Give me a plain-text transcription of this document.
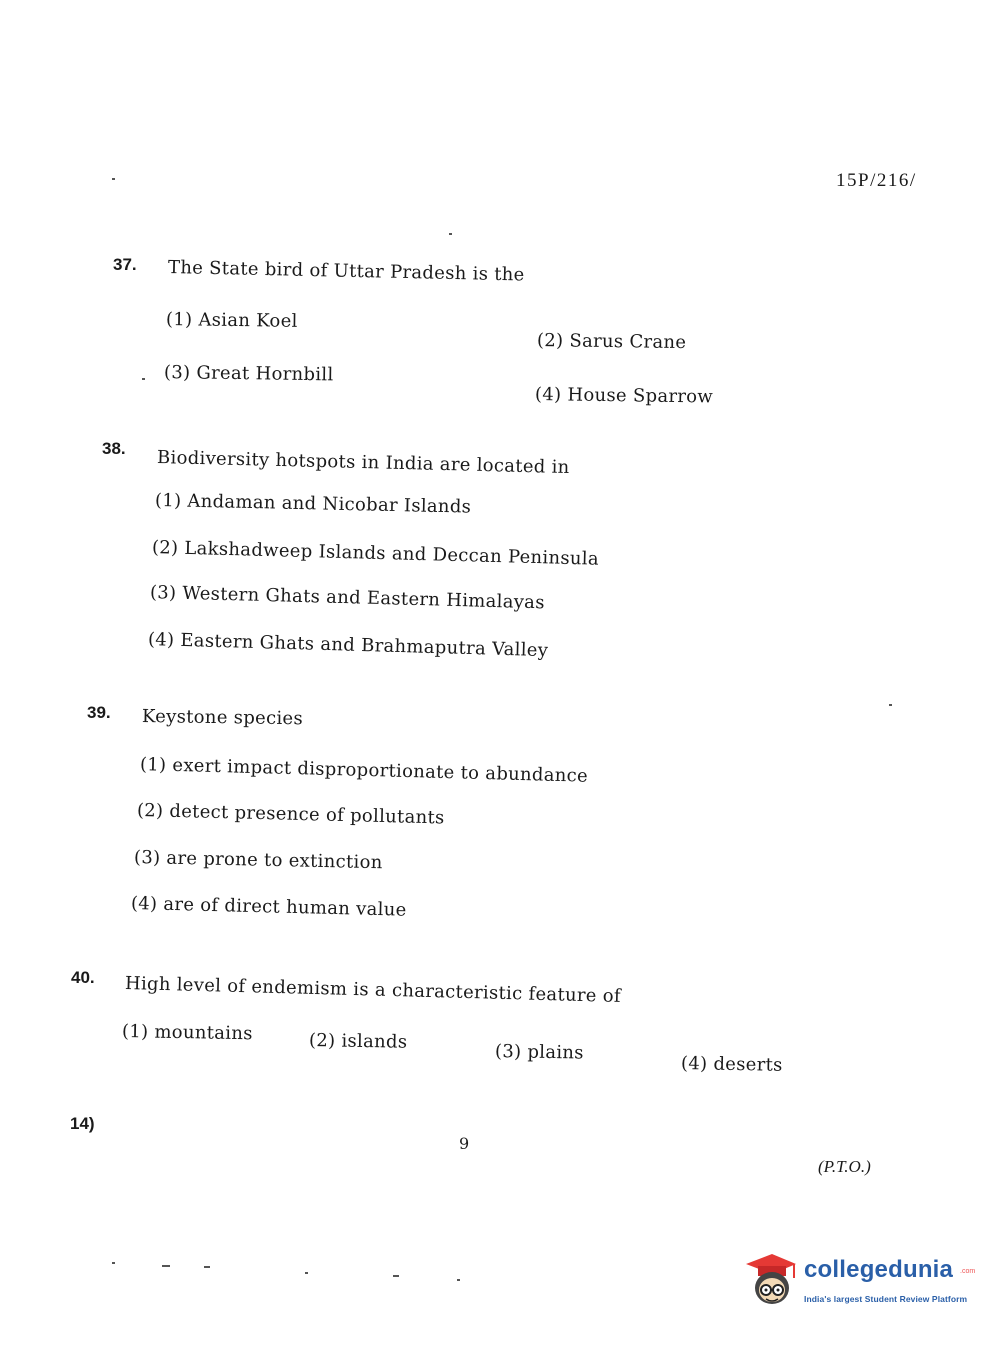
15P/216/
37. The State bird of Uttar Pradesh is the
(1) Asian Koel
(2) Sarus Crane
(3) Great Hornbill
(4) House Sparrow
38. Biodiversity hotspots in India are located in
(1) Andaman and Nicobar Islands
(2) Lakshadweep Islands and Deccan Peninsula
(3) Western Ghats and Eastern Himalayas
(4) Eastern Ghats and Brahmaputra Valley
39. Keystone species
(1) exert impact disproportionate to abundance
(2) detect presence of pollutants
(3) are prone to extinction
(4) are of direct human value
40. High level of endemism is a characteristic feature of
(1) mountains	(2) islands	(3) plains
(4) deserts
14)
9
(P.T.O.)
collegedunia .com
India's largest Student Review Platform
